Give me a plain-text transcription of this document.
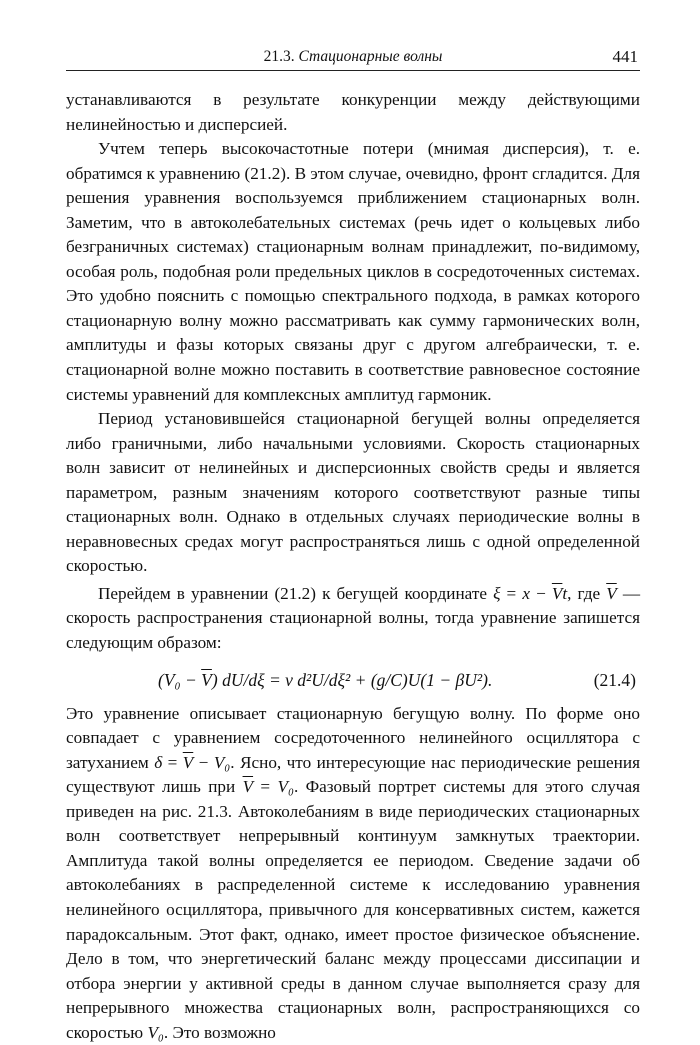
21.3. Стационарные волны	441

устанавливаются в результате конкуренции между действующими нелинейностью и дисперсией.

Учтем теперь высокочастотные потери (мнимая дисперсия), т. е. обратимся к уравнению (21.2). В этом случае, очевидно, фронт сгладится. Для решения уравнения воспользуемся приближением стационарных волн. Заметим, что в автоколебательных системах (речь идет о кольцевых либо безграничных системах) стационарным волнам принадлежит, по-видимому, особая роль, подобная роли предельных циклов в сосредоточенных системах. Это удобно пояснить с помощью спектрального подхода, в рамках которого стационарную волну можно рассматривать как сумму гармонических волн, амплитуды и фазы которых связаны друг с другом алгебраически, т. е. стационарной волне можно поставить в соответствие равновесное состояние системы уравнений для комплексных амплитуд гармоник.

Период установившейся стационарной бегущей волны определяется либо граничными, либо начальными условиями. Скорость стационарных волн зависит от нелинейных и дисперсионных свойств среды и является параметром, разным значениям которого соответствуют разные типы стационарных волн. Однако в отдельных случаях периодические волны в неравновесных средах могут распространяться лишь с одной определенной скоростью.

Перейдем в уравнении (21.2) к бегущей координате $\xi = x - \overline{V}t$, где $\overline{V}$ — скорость распространения стационарной волны, тогда уравнение запишется следующим образом:

$(V_0 - \overline{V})$ dU/dξ = ν d²U/dξ² + (g/C)U(1 − βU²).	(21.4)

Это уравнение описывает стационарную бегущую волну. По форме оно совпадает с уравнением сосредоточенного нелинейного осциллятора с затуханием $\delta = \overline{V} - V_0$. Ясно, что интересующие нас периодические решения существуют лишь при $\overline{V} = V_0$. Фазовый портрет системы для этого случая приведен на рис. 21.3. Автоколебаниям в виде периодических стационарных волн соответствует непрерывный континуум замкнутых траектории. Амплитуда такой волны определяется ее периодом. Сведение задачи об автоколебаниях в распределенной системе к исследованию уравнения нелинейного осциллятора, привычного для консервативных систем, кажется парадоксальным. Этот факт, однако, имеет простое физическое объяснение. Дело в том, что энергетический баланс между процессами диссипации и отбора энергии у активной среды в данном случае выполняется сразу для непрерывного множества стационарных волн, распространяющихся со скоростью V₀. Это возможно
